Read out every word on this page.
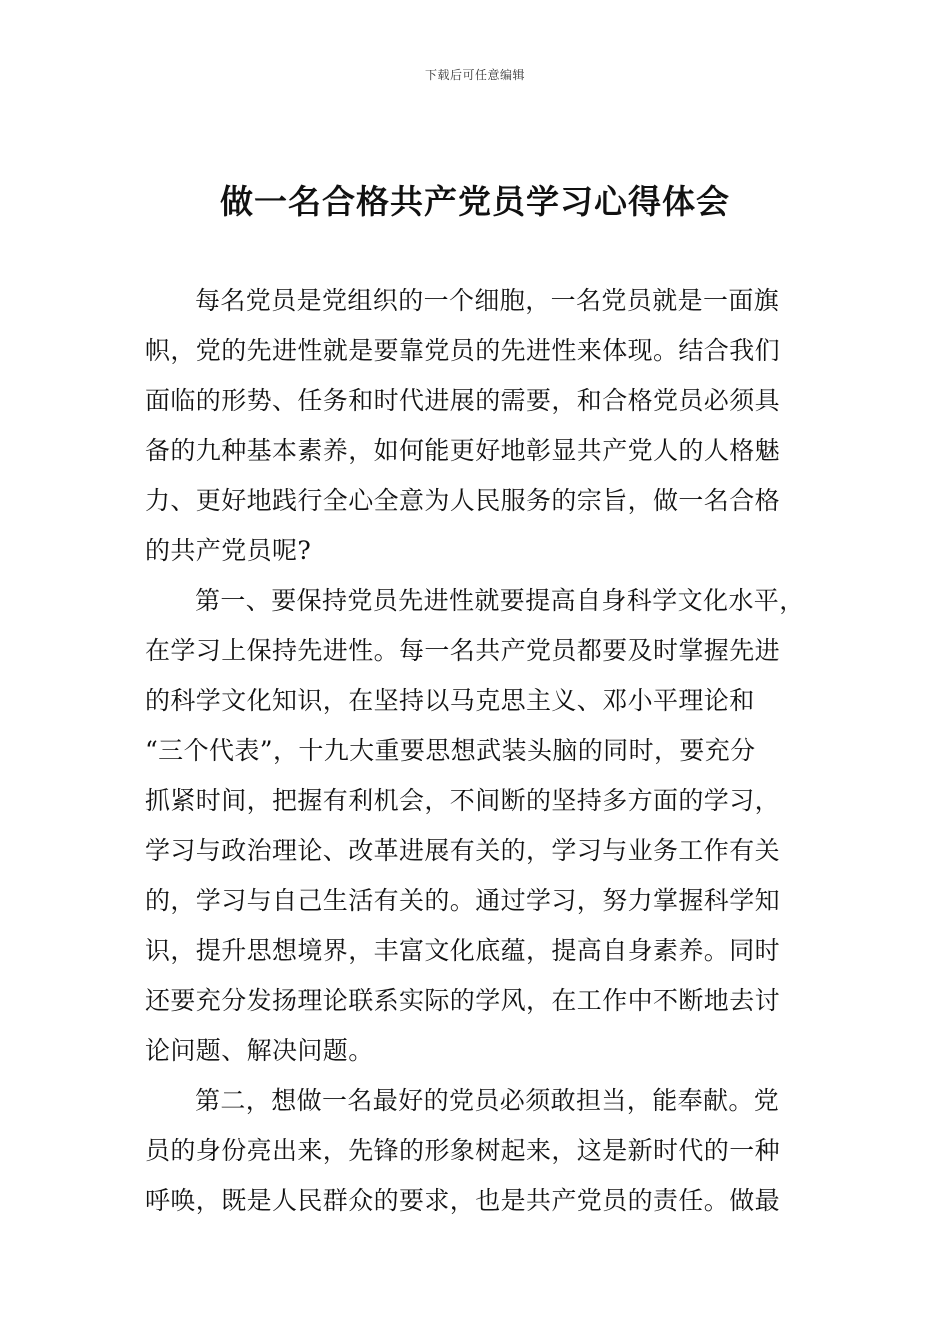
下载后可任意编辑
做一名合格共产党员学习心得体会
每名党员是党组织的一个细胞，一名党员就是一面旗
帜，党的先进性就是要靠党员的先进性来体现。结合我们
面临的形势、任务和时代进展的需要，和合格党员必须具
备的九种基本素养，如何能更好地彰显共产党人的人格魅
力、更好地践行全心全意为人民服务的宗旨，做一名合格
的共产党员呢?
第一、要保持党员先进性就要提高自身科学文化水平，
在学习上保持先进性。每一名共产党员都要及时掌握先进
的科学文化知识，在坚持以马克思主义、邓小平理论和
“三个代表”，十九大重要思想武装头脑的同时，要充分
抓紧时间，把握有利机会，不间断的坚持多方面的学习，
学习与政治理论、改革进展有关的，学习与业务工作有关
的，学习与自己生活有关的。通过学习，努力掌握科学知
识，提升思想境界，丰富文化底蕴，提高自身素养。同时
还要充分发扬理论联系实际的学风，在工作中不断地去讨
论问题、解决问题。
第二，想做一名最好的党员必须敢担当，能奉献。党
员的身份亮出来，先锋的形象树起来，这是新时代的一种
呼唤，既是人民群众的要求，也是共产党员的责任。做最
